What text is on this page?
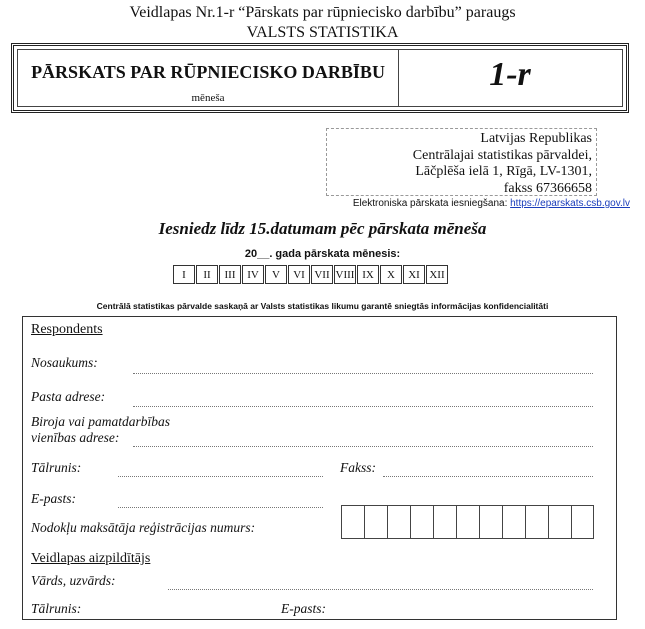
Veidlapas Nr.1-r “Pārskats par rūpniecisko darbību” paraugs
VALSTS STATISTIKA
PĀRSKATS PAR RŪPNIECISKO DARBĪBU
mēneša
1-r
Latvijas Republikas
Centrālajai statistikas pārvaldei,
Lāčplēša ielā 1, Rīgā, LV-1301,
fakss 67366658
Elektroniska pārskata iesniegšana: https://eparskats.csb.gov.lv
Iesniedz līdz 15.datumam pēc pārskata mēneša
20__. gada pārskata mēnesis:
I	II	III	IV	V	VI VII VIII IX	X	XI XII
Centrālā statistikas pārvalde saskaņā ar Valsts statistikas likumu garantē sniegtās informācijas konfidencialitāti
Respondents
Nosaukums:
Pasta adrese:
Biroja vai pamatdarbības
vienības adrese:
Tālrunis:	Fakss:
E-pasts:
Nodokļu maksātāja reģistrācijas numurs:
Veidlapas aizpildītājs
Vārds, uzvārds:
Tālrunis:	E-pasts:
